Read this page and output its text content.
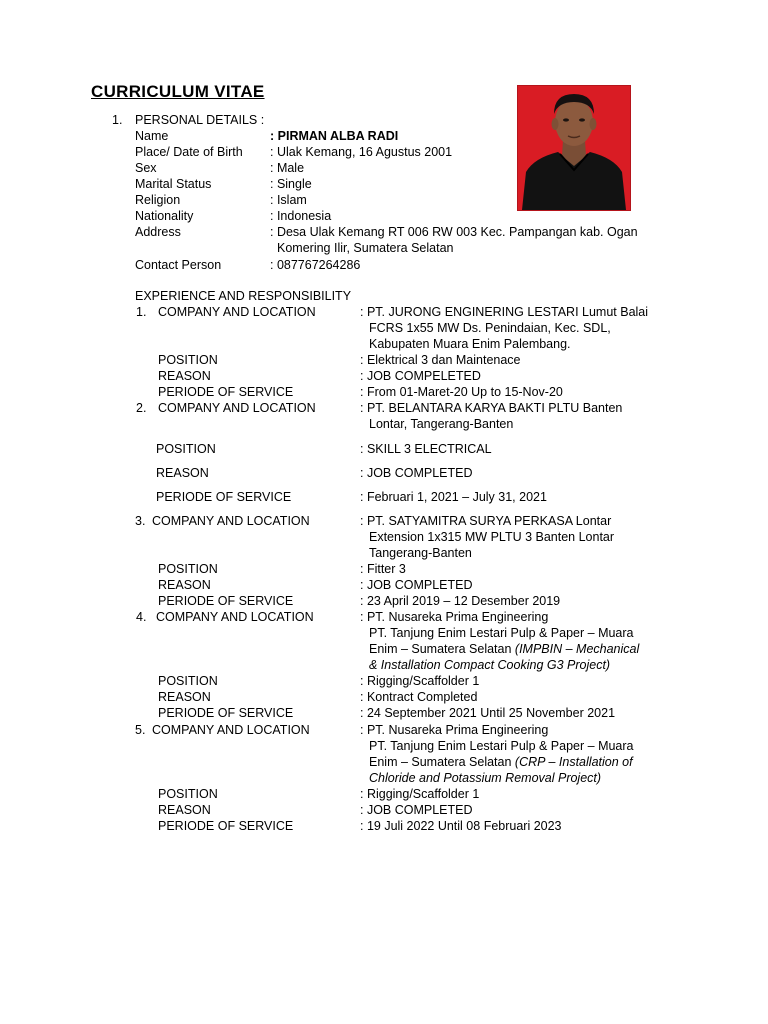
CURRICULUM VITAE
1. PERSONAL DETAILS :
Name	: PIRMAN ALBA RADI
Place/ Date of Birth : Ulak Kemang, 16 Agustus 2001
Sex	: Male
Marital Status	: Single
Religion	: Islam
Nationality	: Indonesia
Address	: Desa Ulak Kemang RT 006 RW 003 Kec. Pampangan kab. Ogan
Komering Ilir, Sumatera Selatan
Contact Person	: 087767264286
EXPERIENCE AND RESPONSIBILITY
1. COMPANY AND LOCATION	: PT. JURONG ENGINERING LESTARI Lumut Balai
FCRS 1x55 MW Ds. Penindaian, Kec. SDL,
Kabupaten Muara Enim Palembang.
POSITION	: Elektrical 3 dan Maintenace
REASON	: JOB COMPELETED
PERIODE OF SERVICE	: From 01-Maret-20 Up to 15-Nov-20
2. COMPANY AND LOCATION	: PT. BELANTARA KARYA BAKTI PLTU Banten
Lontar, Tangerang-Banten
POSITION	: SKILL 3 ELECTRICAL
REASON	: JOB COMPLETED
PERIODE OF SERVICE	: Februari 1, 2021 – July 31, 2021
3. COMPANY AND LOCATION	: PT. SATYAMITRA SURYA PERKASA Lontar
Extension 1x315 MW PLTU 3 Banten Lontar
Tangerang-Banten
POSITION	: Fitter 3
REASON	: JOB COMPLETED
PERIODE OF SERVICE	: 23 April 2019 – 12 Desember 2019
4. COMPANY AND LOCATION	: PT. Nusareka Prima Engineering
PT. Tanjung Enim Lestari Pulp & Paper – Muara
Enim – Sumatera Selatan (IMPBIN – Mechanical
& Installation Compact Cooking G3 Project)
POSITION	: Rigging/Scaffolder 1
REASON	: Kontract Completed
PERIODE OF SERVICE	: 24 September 2021 Until 25 November 2021
5. COMPANY AND LOCATION	: PT. Nusareka Prima Engineering
PT. Tanjung Enim Lestari Pulp & Paper – Muara
Enim – Sumatera Selatan (CRP – Installation of
Chloride and Potassium Removal Project)
POSITION	: Rigging/Scaffolder 1
REASON	: JOB COMPLETED
PERIODE OF SERVICE	: 19 Juli 2022 Until 08 Februari 2023
